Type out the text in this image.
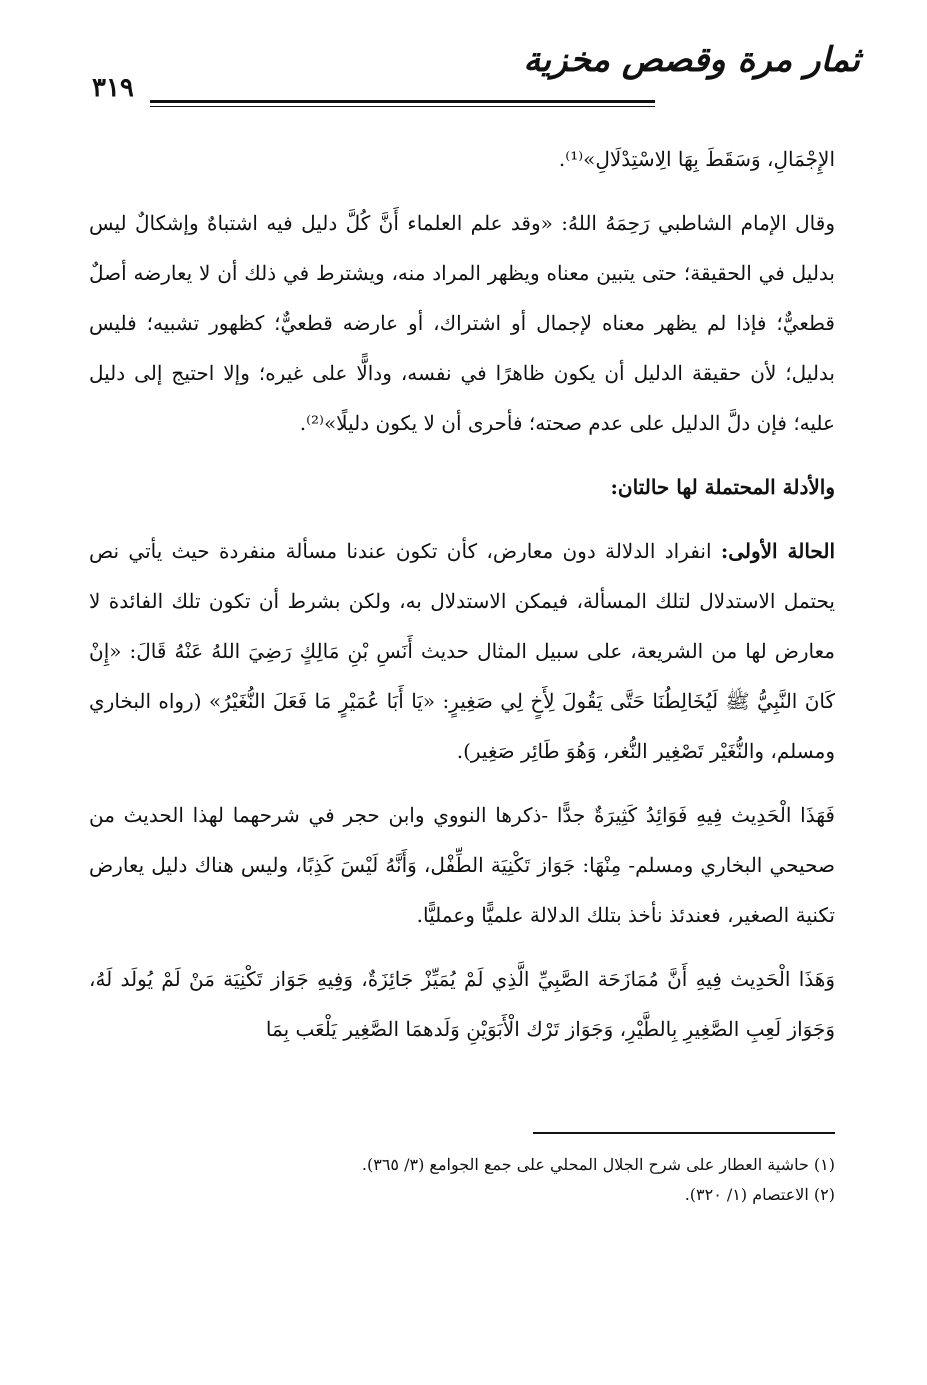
ثمار مرة وقصص مخزية
٣١٩

الإِجْمَالِ، وَسَقَطَ بِهَا الِاسْتِدْلَالِ»⁽¹⁾.

وقال الإمام الشاطبي رَحِمَهُ اللهُ: «وقد علم العلماء أَنَّ كُلَّ دليل فيه اشتباهٌ وإشكالٌ ليس بدليل في الحقيقة؛ حتى يتبين معناه ويظهر المراد منه، ويشترط في ذلك أن لا يعارضه أصلٌ قطعيٌّ؛ فإذا لم يظهر معناه لإجمال أو اشتراك، أو عارضه قطعيٌّ؛ كظهور تشبيه؛ فليس بدليل؛ لأن حقيقة الدليل أن يكون ظاهرًا في نفسه، ودالًّا على غيره؛ وإلا احتيج إلى دليل عليه؛ فإن دلَّ الدليل على عدم صحته؛ فأحرى أن لا يكون دليلًا»⁽²⁾.

والأدلة المحتملة لها حالتان:

الحالة الأولى: انفراد الدلالة دون معارض، كأن تكون عندنا مسألة منفردة حيث يأتي نص يحتمل الاستدلال لتلك المسألة، فيمكن الاستدلال به، ولكن بشرط أن تكون تلك الفائدة لا معارض لها من الشريعة، على سبيل المثال حديث أَنَسِ بْنِ مَالِكٍ رَضِيَ اللهُ عَنْهُ قَالَ: «إِنْ كَانَ النَّبِيُّ ﷺ لَيُخَالِطُنَا حَتَّى يَقُولَ لِأَخٍ لِي صَغِيرٍ: «يَا أَبَا عُمَيْرٍ مَا فَعَلَ النُّغَيْرُ» (رواه البخاري ومسلم، والنُّغَيْر تَصْغِير النُّغر، وَهُوَ طَائِر صَغِير).

فَهَذَا الْحَدِيث فِيهِ فَوَائِدُ كَثِيرَةٌ جدًّا -ذكرها النووي وابن حجر في شرحهما لهذا الحديث من صحيحي البخاري ومسلم- مِنْهَا: جَوَاز تَكْنِيَة الطِّفْل، وَأَنَّهُ لَيْسَ كَذِبًا، وليس هناك دليل يعارض تكنية الصغير، فعندئذ نأخذ بتلك الدلالة علميًّا وعمليًّا.

وَهَذَا الْحَدِيث فِيهِ أَنَّ مُمَازَحَة الصَّبِيِّ الَّذِي لَمْ يُمَيِّزْ جَائِزَةٌ، وَفِيهِ جَوَاز تَكْنِيَة مَنْ لَمْ يُولَد لَهُ، وَجَوَاز لَعِبِ الصَّغِيرِ بِالطَّيْرِ، وَجَوَاز تَرْك الْأَبَوَيْنِ وَلَدهمَا الصَّغِير يَلْعَب بِمَا

(١) حاشية العطار على شرح الجلال المحلي على جمع الجوامع (٣/ ٣٦٥).

(٢) الاعتصام (١/ ٣٢٠).
